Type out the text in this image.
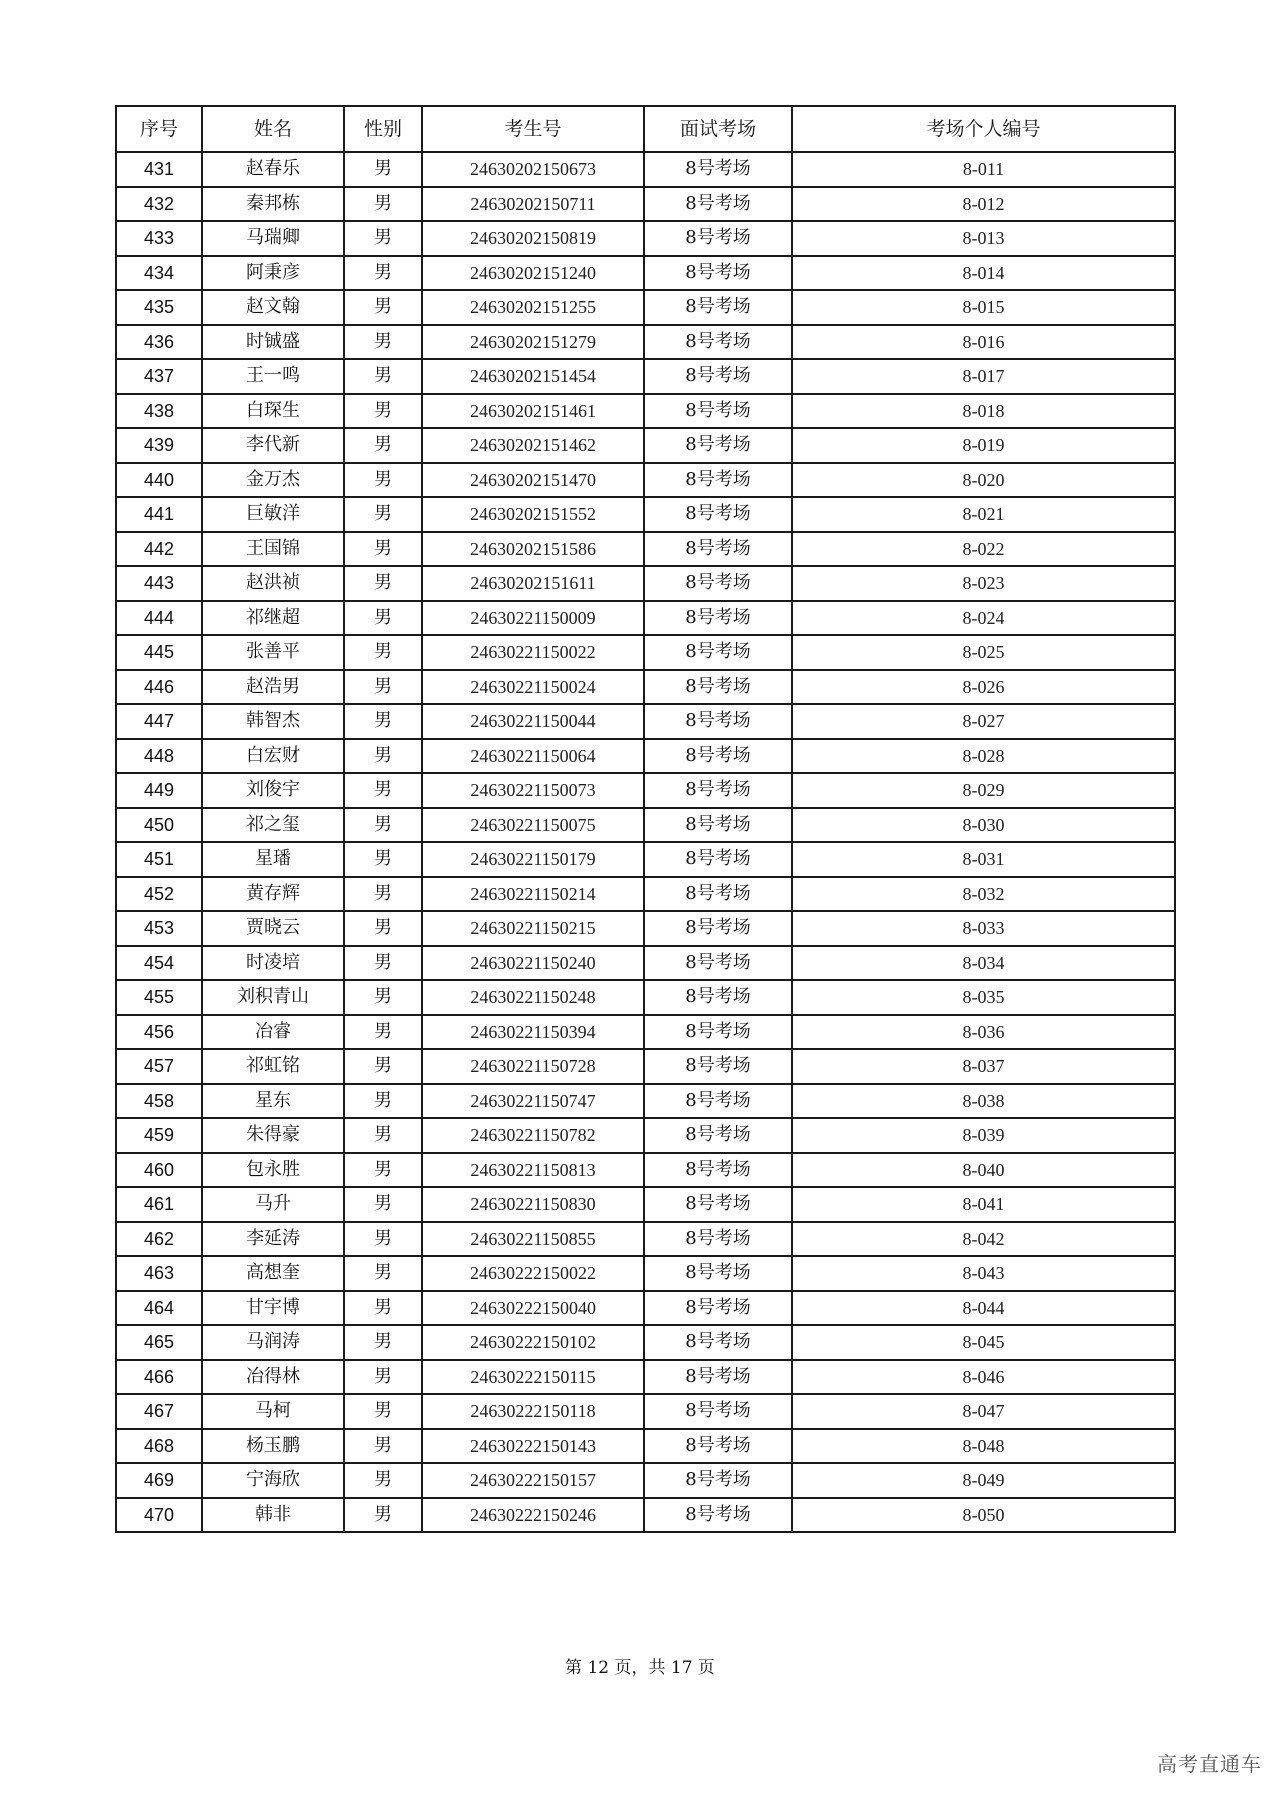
序号	姓名	性别	考生号	面试考场	考场个人编号
431	赵春乐	男	24630202150673	8号考场	8-011
432	秦邦栋	男	24630202150711	8号考场	8-012
433	马瑞卿	男	24630202150819	8号考场	8-013
434	阿秉彦	男	24630202151240	8号考场	8-014
435	赵文翰	男	24630202151255	8号考场	8-015
436	时铖盛	男	24630202151279	8号考场	8-016
437	王一鸣	男	24630202151454	8号考场	8-017
438	白琛生	男	24630202151461	8号考场	8-018
439	李代新	男	24630202151462	8号考场	8-019
440	金万杰	男	24630202151470	8号考场	8-020
441	巨敏洋	男	24630202151552	8号考场	8-021
442	王国锦	男	24630202151586	8号考场	8-022
443	赵洪祯	男	24630202151611	8号考场	8-023
444	祁继超	男	24630221150009	8号考场	8-024
445	张善平	男	24630221150022	8号考场	8-025
446	赵浩男	男	24630221150024	8号考场	8-026
447	韩智杰	男	24630221150044	8号考场	8-027
448	白宏财	男	24630221150064	8号考场	8-028
449	刘俊宇	男	24630221150073	8号考场	8-029
450	祁之玺	男	24630221150075	8号考场	8-030
451	星璠	男	24630221150179	8号考场	8-031
452	黄存辉	男	24630221150214	8号考场	8-032
453	贾晓云	男	24630221150215	8号考场	8-033
454	时凌培	男	24630221150240	8号考场	8-034
455	刘积青山	男	24630221150248	8号考场	8-035
456	冶睿	男	24630221150394	8号考场	8-036
457	祁虹铭	男	24630221150728	8号考场	8-037
458	星东	男	24630221150747	8号考场	8-038
459	朱得豪	男	24630221150782	8号考场	8-039
460	包永胜	男	24630221150813	8号考场	8-040
461	马升	男	24630221150830	8号考场	8-041
462	李延涛	男	24630221150855	8号考场	8-042
463	高想奎	男	24630222150022	8号考场	8-043
464	甘宇博	男	24630222150040	8号考场	8-044
465	马润涛	男	24630222150102	8号考场	8-045
466	冶得林	男	24630222150115	8号考场	8-046
467	马柯	男	24630222150118	8号考场	8-047
468	杨玉鹏	男	24630222150143	8号考场	8-048
469	宁海欣	男	24630222150157	8号考场	8-049
470	韩非	男	24630222150246	8号考场	8-050
第 12 页，共 17 页
高考直通车
